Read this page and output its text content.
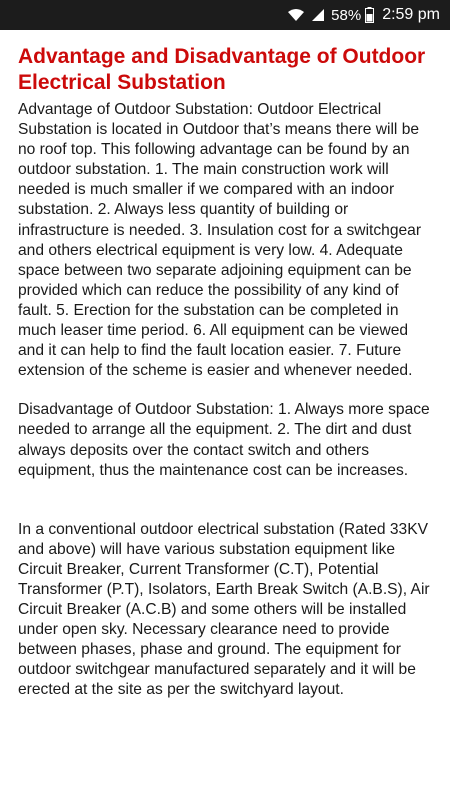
58% 2:59 pm
Advantage and Disadvantage of Outdoor Electrical Substation

Advantage of Outdoor Substation: Outdoor Electrical Substation is located in Outdoor that’s means there will be no roof top. This following advantage can be found by an outdoor substation. 1. The main construction work will needed is much smaller if we compared with an indoor substation. 2. Always less quantity of building or infrastructure is needed. 3. Insulation cost for a switchgear and others electrical equipment is very low. 4. Adequate space between two separate adjoining equipment can be provided which can reduce the possibility of any kind of fault. 5. Erection for the substation can be completed in much leaser time period. 6. All equipment can be viewed and it can help to find the fault location easier. 7. Future extension of the scheme is easier and whenever needed.

Disadvantage of Outdoor Substation: 1. Always more space needed to arrange all the equipment. 2. The dirt and dust always deposits over the contact switch and others equipment, thus the maintenance cost can be increases.

In a conventional outdoor electrical substation (Rated 33KV and above) will have various substation equipment like Circuit Breaker, Current Transformer (C.T), Potential Transformer (P.T), Isolators, Earth Break Switch (A.B.S), Air Circuit Breaker (A.C.B) and some others will be installed under open sky. Necessary clearance need to provide between phases, phase and ground. The equipment for outdoor switchgear manufactured separately and it will be erected at the site as per the switchyard layout.
